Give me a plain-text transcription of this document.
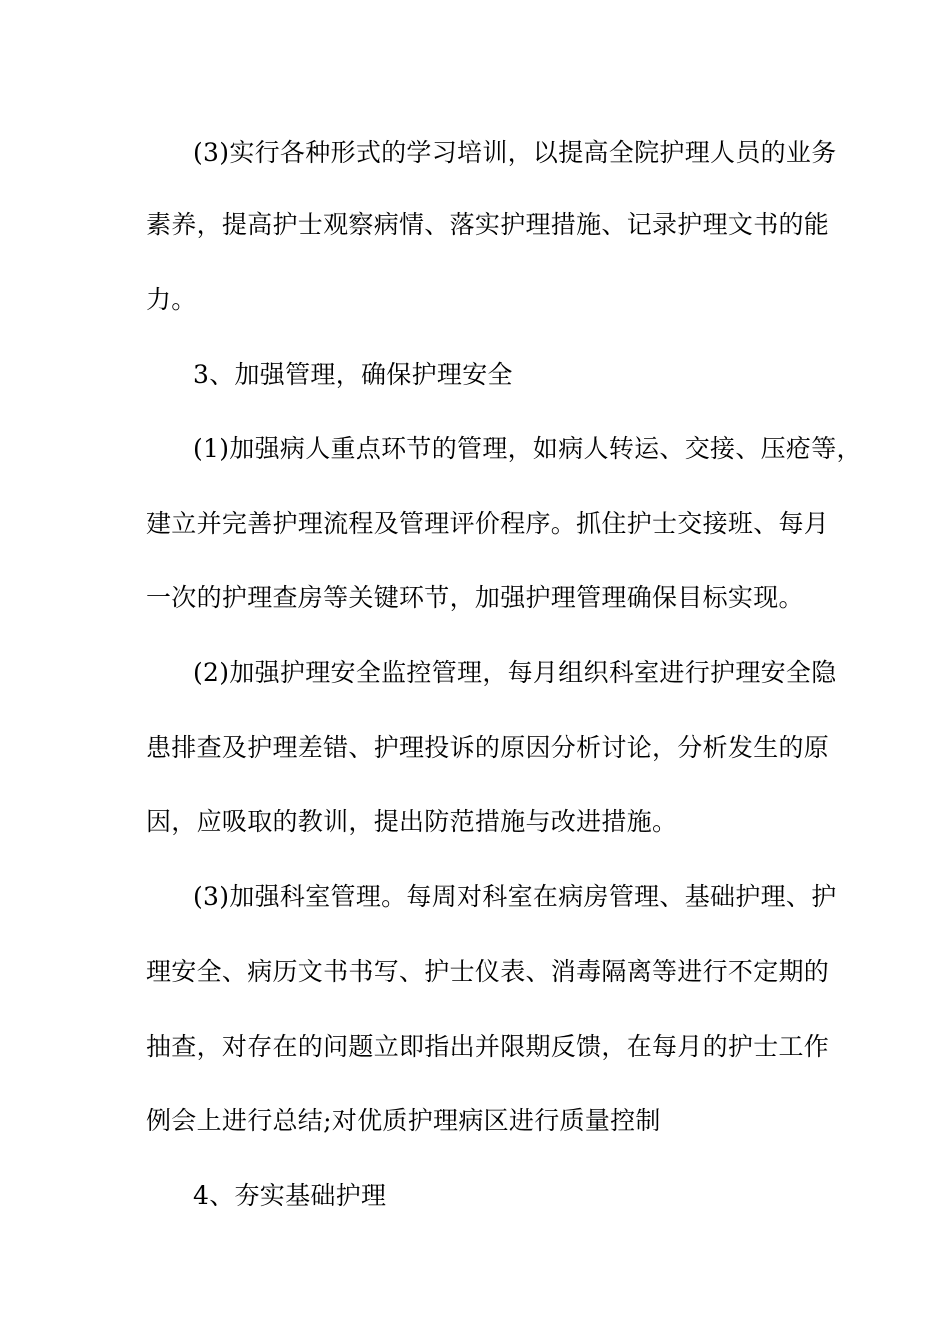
(3)实行各种形式的学习培训，以提高全院护理人员的业务
素养，提高护士观察病情、落实护理措施、记录护理文书的能
力。
3、加强管理，确保护理安全
(1)加强病人重点环节的管理，如病人转运、交接、压疮等，
建立并完善护理流程及管理评价程序。抓住护士交接班、每月
一次的护理查房等关键环节，加强护理管理确保目标实现。
(2)加强护理安全监控管理，每月组织科室进行护理安全隐
患排查及护理差错、护理投诉的原因分析讨论，分析发生的原
因，应吸取的教训，提出防范措施与改进措施。
(3)加强科室管理。每周对科室在病房管理、基础护理、护
理安全、病历文书书写、护士仪表、消毒隔离等进行不定期的
抽查，对存在的问题立即指出并限期反馈，在每月的护士工作
例会上进行总结;对优质护理病区进行质量控制
4、夯实基础护理
